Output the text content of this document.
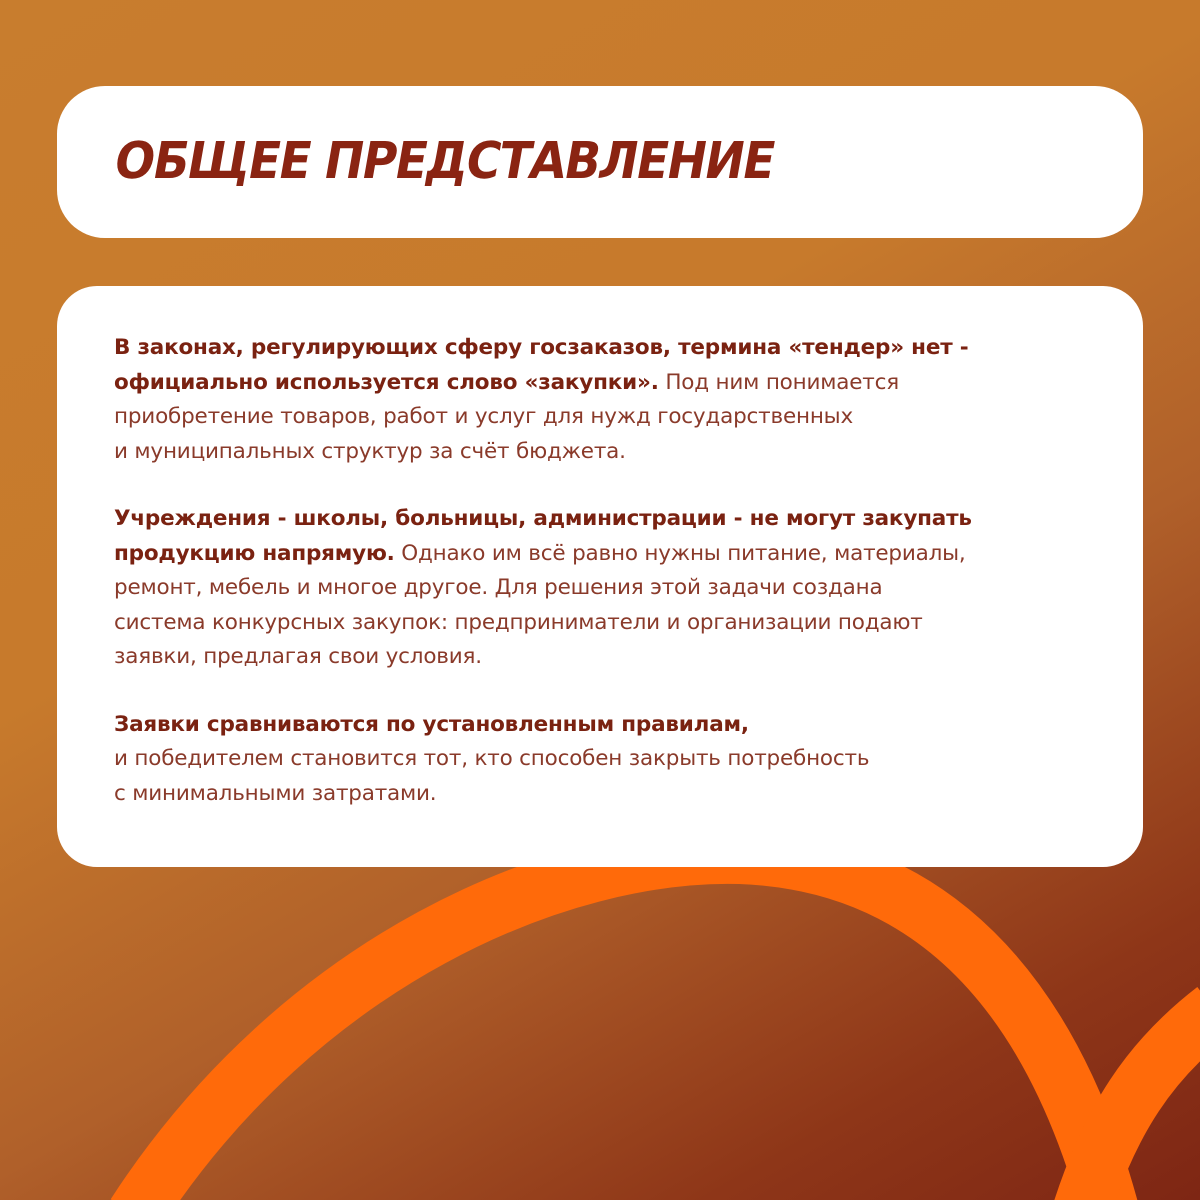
ОБЩЕЕ ПРЕДСТАВЛЕНИЕ

В законах, регулирующих сферу госзаказов, термина «тендер» нет -
официально используется слово «закупки». Под ним понимается
приобретение товаров, работ и услуг для нужд государственных
и муниципальных структур за счёт бюджета.

Учреждения - школы, больницы, администрации - не могут закупать
продукцию напрямую. Однако им всё равно нужны питание, материалы,
ремонт, мебель и многое другое. Для решения этой задачи создана
система конкурсных закупок: предприниматели и организации подают
заявки, предлагая свои условия.

Заявки сравниваются по установленным правилам,
и победителем становится тот, кто способен закрыть потребность
с минимальными затратами.
